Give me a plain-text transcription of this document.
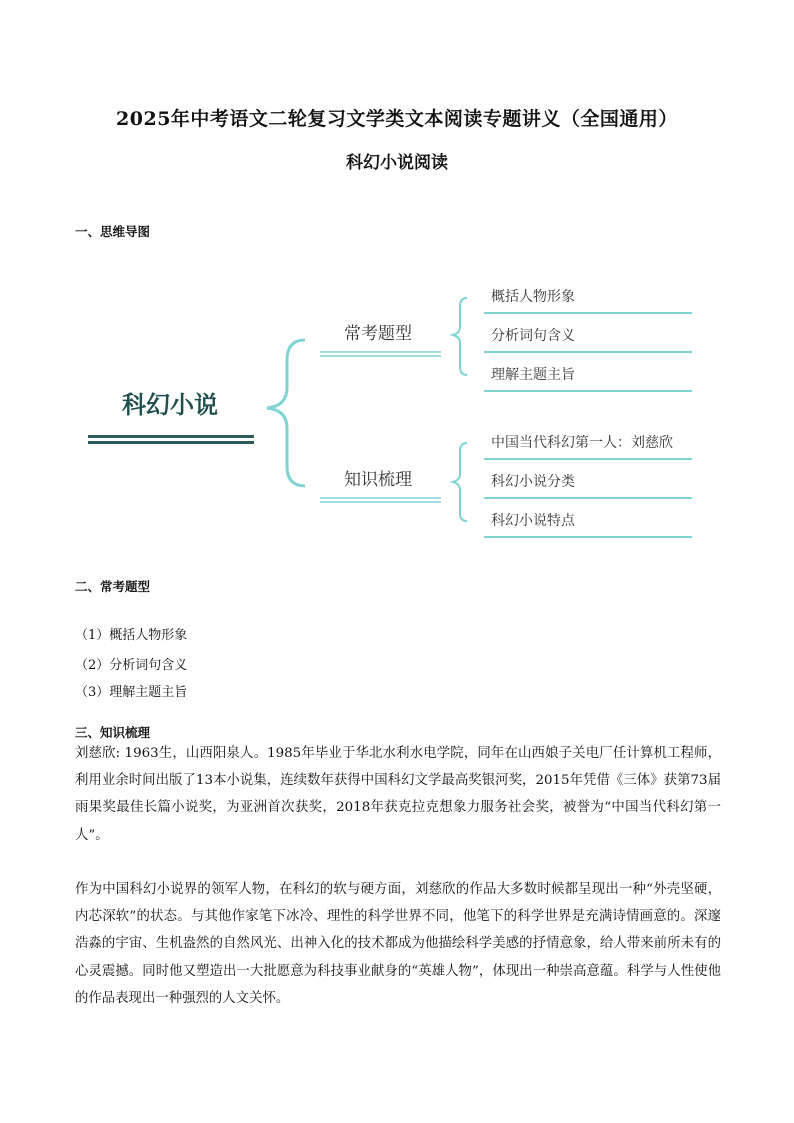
2025年中考语文二轮复习文学类文本阅读专题讲义（全国通用）
科幻小说阅读
一、思维导图
科幻小说
常考题型
概括人物形象
分析词句含义
理解主题主旨
知识梳理
中国当代科幻第一人：刘慈欣
科幻小说分类
科幻小说特点
二、常考题型
（1）概括人物形象
（2）分析词句含义
（3）理解主题主旨
三、知识梳理

刘慈欣: 1963生，山西阳泉人。1985年毕业于华北水利水电学院，同年在山西娘子关电厂任计算机工程师，利用业余时间出版了13本小说集，连续数年获得中国科幻文学最高奖银河奖，2015年凭借《三体》获第73届雨果奖最佳长篇小说奖，为亚洲首次获奖，2018年获克拉克想象力服务社会奖，被誉为“中国当代科幻第一人”。

作为中国科幻小说界的领军人物，在科幻的软与硬方面，刘慈欣的作品大多数时候都呈现出一种“外壳坚硬，内芯深软”的状态。与其他作家笔下冰冷、理性的科学世界不同，他笔下的科学世界是充满诗情画意的。深邃浩淼的宇宙、生机盎然的自然风光、出神入化的技术都成为他描绘科学美感的抒情意象，给人带来前所未有的心灵震撼。同时他又塑造出一大批愿意为科技事业献身的“英雄人物”，体现出一种崇高意蕴。科学与人性使他的作品表现出一种强烈的人文关怀。
